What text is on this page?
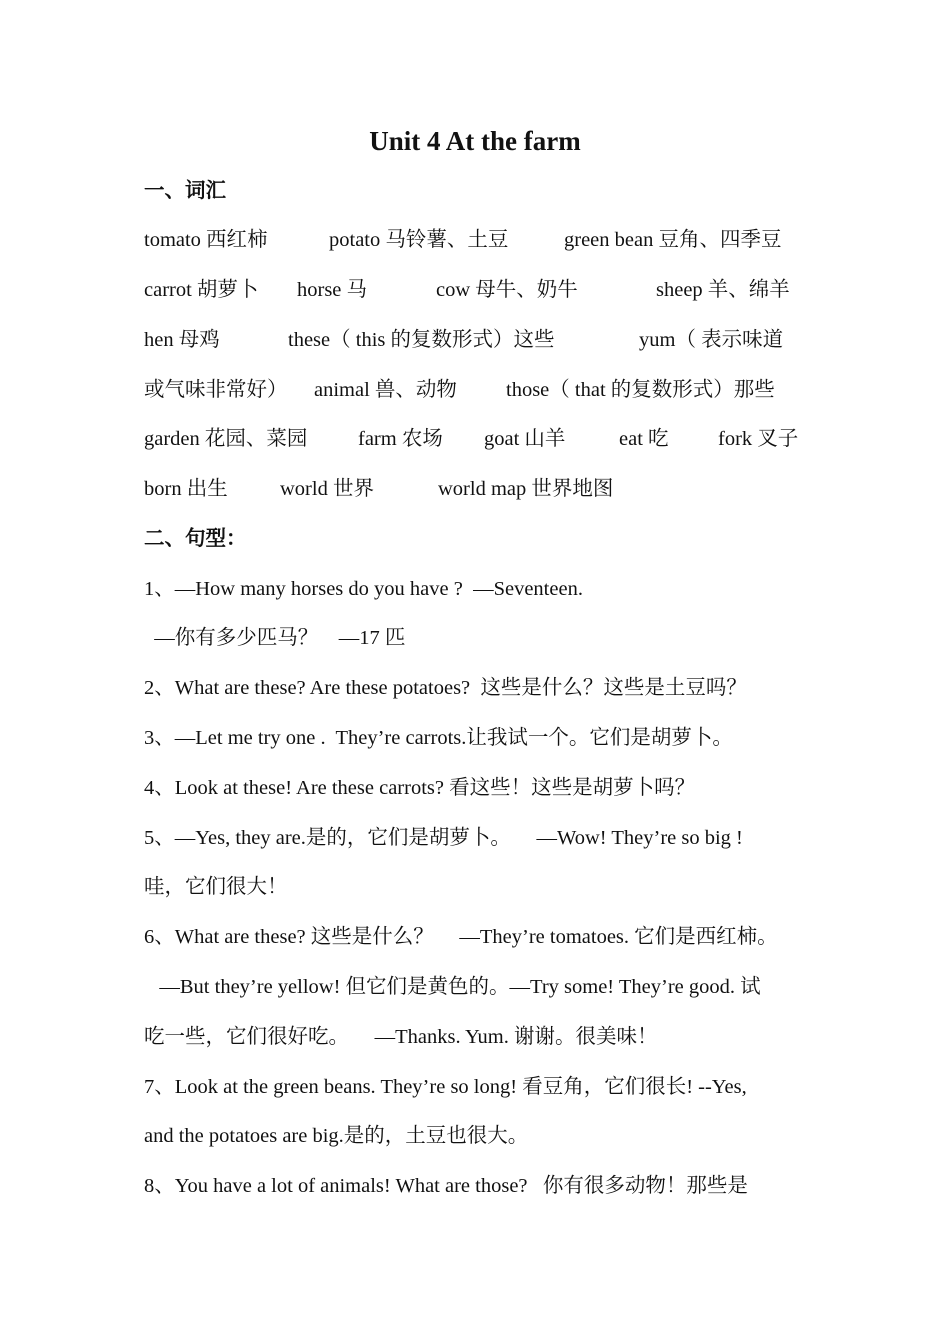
Unit 4 At the farm
一、词汇
tomato 西红柿	potato 马铃薯、土豆	green bean 豆角、四季豆
carrot 胡萝卜 horse 马	cow 母牛、奶牛	sheep 羊、绵羊
hen 母鸡	these（ this 的复数形式）这些	yum（ 表示味道
或气味非常好） animal 兽、动物 those（ that 的复数形式）那些
garden 花园、菜园 farm 农场 goat 山羊	eat 吃 fork 叉子
born 出生	world 世界	world map 世界地图
二、句型：
1、—How many horses do you have ?  —Seventeen.
—你有多少匹马？    —17 匹
2、What are these? Are these potatoes?  这些是什么？这些是土豆吗？
3、—Let me try one .  They’re carrots.让我试一个。它们是胡萝卜。
4、Look at these! Are these carrots? 看这些！这些是胡萝卜吗？
5、—Yes, they are.是的，它们是胡萝卜。     —Wow! They’re so big !
哇，它们很大！
6、What are these? 这些是什么？     —They’re tomatoes. 它们是西红柿。
—But they’re yellow! 但它们是黄色的。—Try some! They’re good. 试
吃一些，它们很好吃。     —Thanks. Yum. 谢谢。很美味！
7、Look at the green beans. They’re so long! 看豆角，它们很长! --Yes,
and the potatoes are big.是的，土豆也很大。
8、You have a lot of animals! What are those?   你有很多动物！那些是
